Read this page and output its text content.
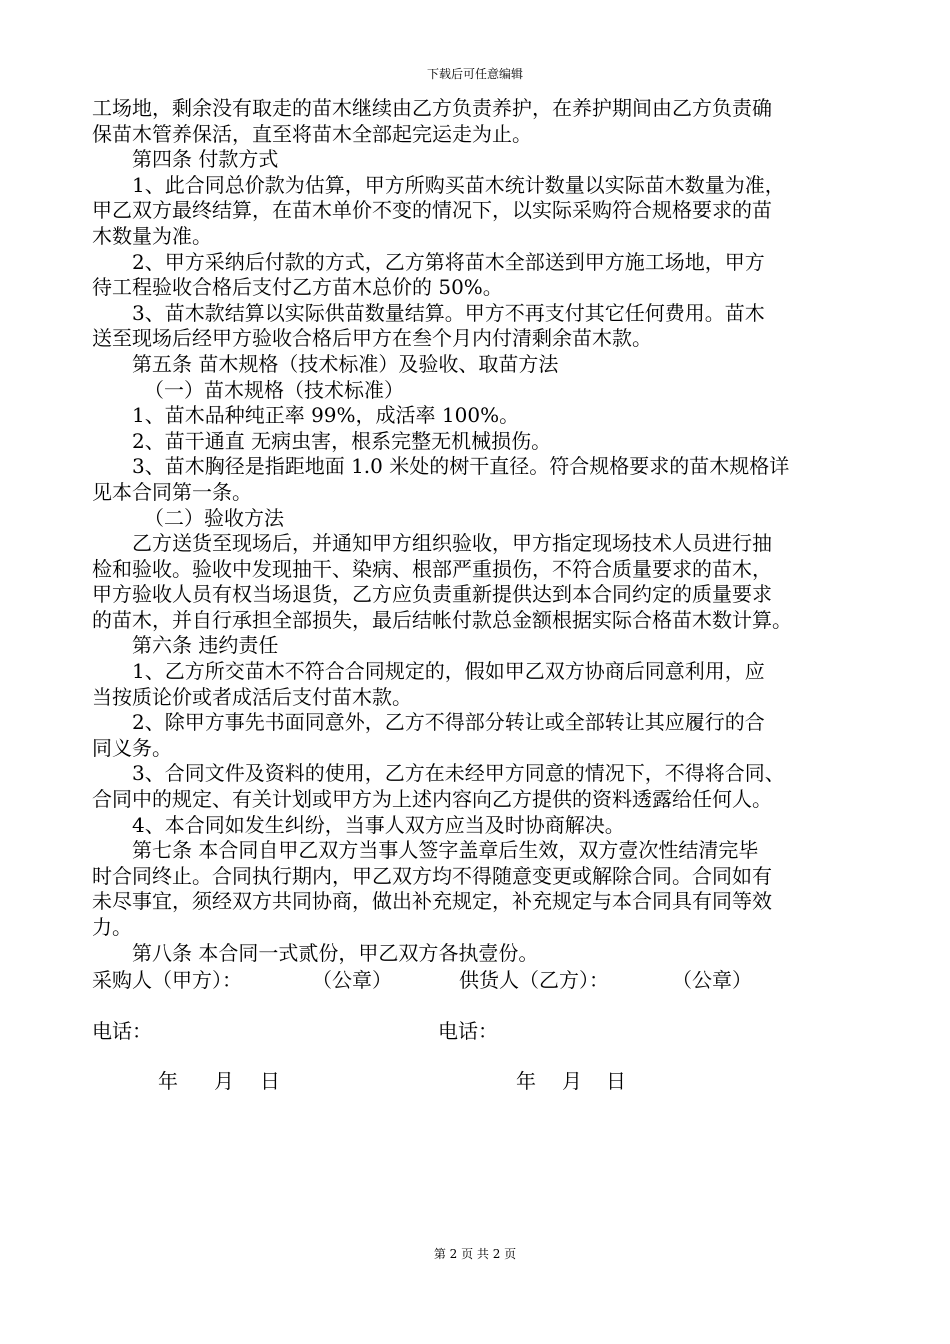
下载后可任意编辑

工场地，剩余没有取走的苗木继续由乙方负责养护，在养护期间由乙方负责确

保苗木管养保活，直至将苗木全部起完运走为止。

第四条 付款方式

1、此合同总价款为估算，甲方所购买苗木统计数量以实际苗木数量为准，

甲乙双方最终结算，在苗木单价不变的情况下，以实际采购符合规格要求的苗

木数量为准。

2、甲方采纳后付款的方式，乙方第将苗木全部送到甲方施工场地，甲方

待工程验收合格后支付乙方苗木总价的 50%。

3、苗木款结算以实际供苗数量结算。甲方不再支付其它任何费用。苗木

送至现场后经甲方验收合格后甲方在叁个月内付清剩余苗木款。

第五条 苗木规格（技术标准）及验收、取苗方法

（一）苗木规格（技术标准）

1、苗木品种纯正率 99%，成活率 100%。

2、苗干通直 无病虫害，根系完整无机械损伤。

3、苗木胸径是指距地面 1.0 米处的树干直径。符合规格要求的苗木规格详

见本合同第一条。

（二）验收方法

乙方送货至现场后，并通知甲方组织验收，甲方指定现场技术人员进行抽

检和验收。验收中发现抽干、染病、根部严重损伤，不符合质量要求的苗木，

甲方验收人员有权当场退货，乙方应负责重新提供达到本合同约定的质量要求

的苗木，并自行承担全部损失，最后结帐付款总金额根据实际合格苗木数计算。

第六条 违约责任

1、乙方所交苗木不符合合同规定的，假如甲乙双方协商后同意利用，应

当按质论价或者成活后支付苗木款。

2、除甲方事先书面同意外，乙方不得部分转让或全部转让其应履行的合

同义务。

3、合同文件及资料的使用，乙方在未经甲方同意的情况下，不得将合同、

合同中的规定、有关计划或甲方为上述内容向乙方提供的资料透露给任何人。

4、本合同如发生纠纷，当事人双方应当及时协商解决。

第七条 本合同自甲乙双方当事人签字盖章后生效，双方壹次性结清完毕

时合同终止。合同执行期内，甲乙双方均不得随意变更或解除合同。合同如有

未尽事宜，须经双方共同协商，做出补充规定，补充规定与本合同具有同等效

力。

第八条 本合同一式贰份，甲乙双方各执壹份。

采购人（甲方）：	（公章）	供货人（乙方）：	（公章）
电话：	电话：
年 月 日	年 月 日
第 2 页 共 2 页
